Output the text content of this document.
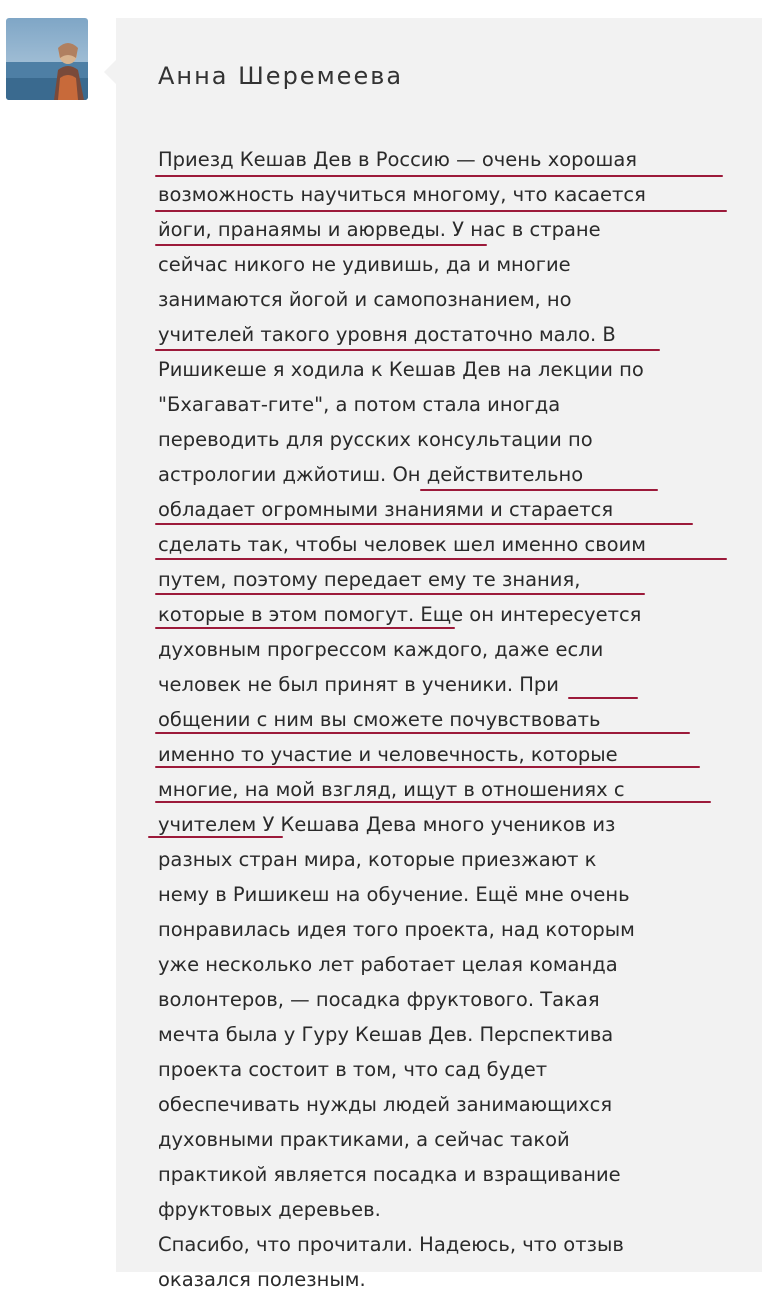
Анна Шеремеева
Приезд Кешав Дев в Россию — очень хорошая
возможность научиться многому, что касается
йоги, пранаямы и аюрведы. У нас в стране
сейчас никого не удивишь, да и многие
занимаются йогой и самопознанием, но
учителей такого уровня достаточно мало. В
Ришикеше я ходила к Кешав Дев на лекции по
"Бхагават-гите", а потом стала иногда
переводить для русских консультации по
астрологии джйотиш. Он действительно
обладает огромными знаниями и старается
сделать так, чтобы человек шел именно своим
путем, поэтому передает ему те знания,
которые в этом помогут. Еще он интересуется
духовным прогрессом каждого, даже если
человек не был принят в ученики. При
общении с ним вы сможете почувствовать
именно то участие и человечность, которые
многие, на мой взгляд, ищут в отношениях с
учителем У Кешава Дева много учеников из
разных стран мира, которые приезжают к
нему в Ришикеш на обучение. Ещё мне очень
понравилась идея того проекта, над которым
уже несколько лет работает целая команда
волонтеров, — посадка фруктового. Такая
мечта была у Гуру Кешав Дев. Перспектива
проекта состоит в том, что сад будет
обеспечивать нужды людей занимающихся
духовными практиками, а сейчас такой
практикой является посадка и взращивание
фруктовых деревьев.
Спасибо, что прочитали. Надеюсь, что отзыв
оказался полезным.
